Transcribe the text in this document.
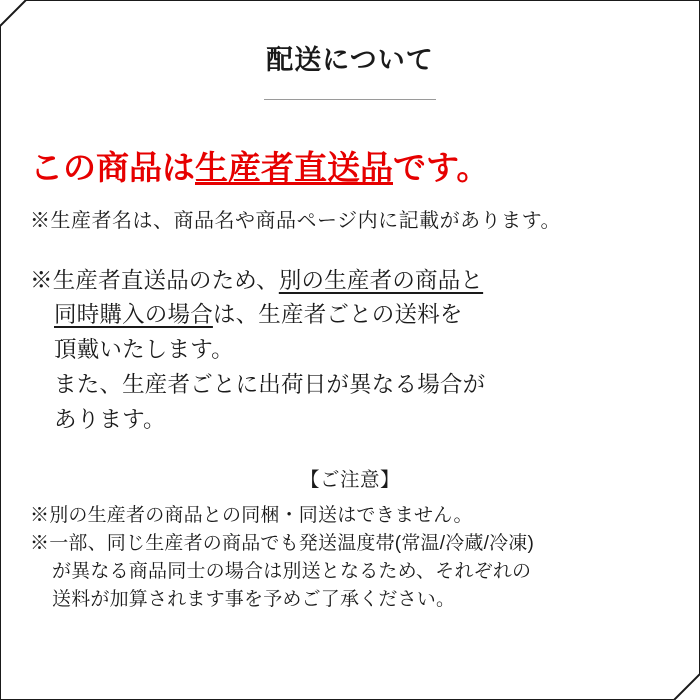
配送について
この商品は生産者直送品です。
※生産者名は、商品名や商品ページ内に記載があります。
※生産者直送品のため、別の生産者の商品と
同時購入の場合は、生産者ごとの送料を
頂戴いたします。
また、生産者ごとに出荷日が異なる場合が
あります。
【ご注意】
※別の生産者の商品との同梱・同送はできません。
※一部、同じ生産者の商品でも発送温度帯(常温/冷蔵/冷凍)
が異なる商品同士の場合は別送となるため、それぞれの
送料が加算されます事を予めご了承ください。
